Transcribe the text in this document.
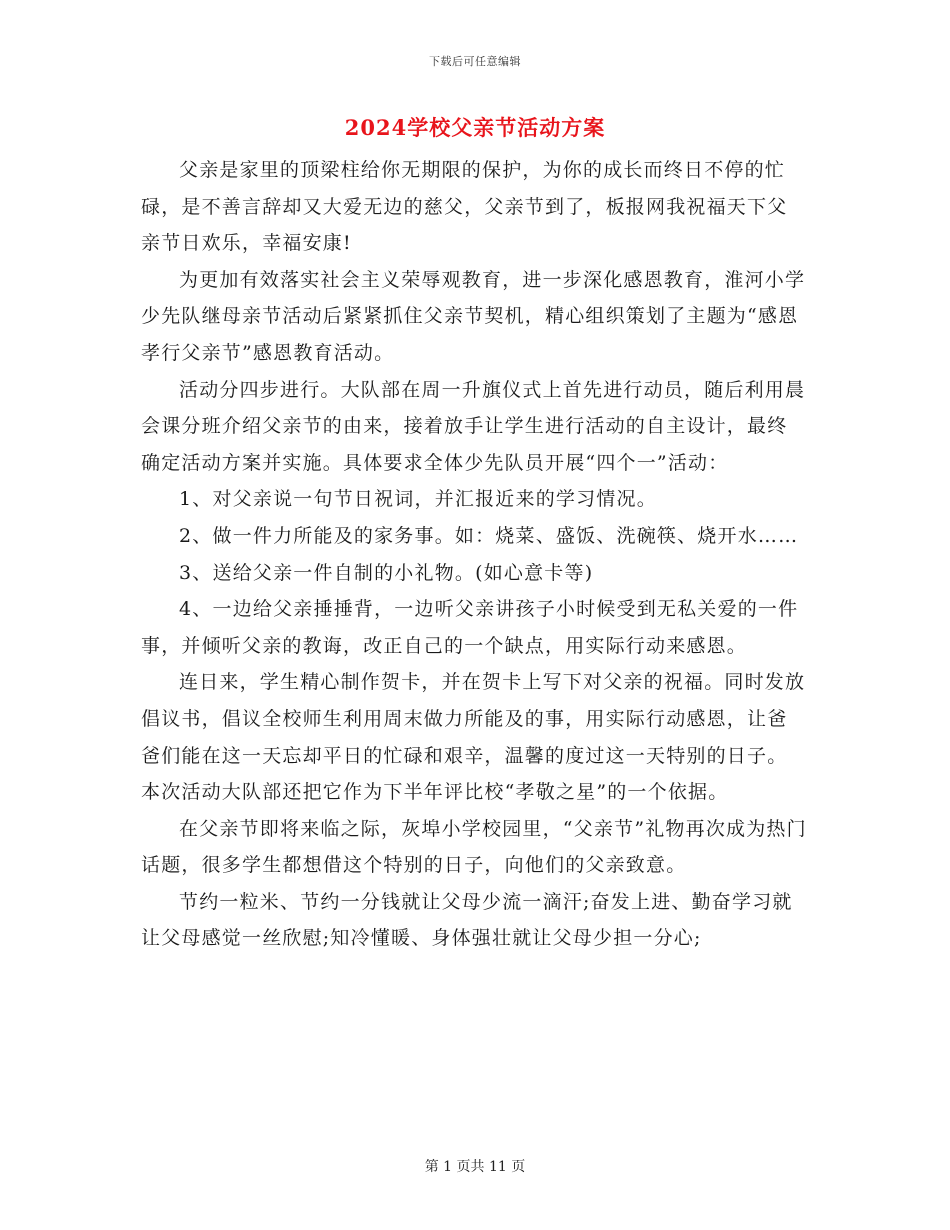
下载后可任意编辑
2024学校父亲节活动方案

父亲是家里的顶梁柱给你无期限的保护，为你的成长而终日不停的忙碌，是不善言辞却又大爱无边的慈父，父亲节到了，板报网我祝福天下父亲节日欢乐，幸福安康!

为更加有效落实社会主义荣辱观教育，进一步深化感恩教育，淮河小学少先队继母亲节活动后紧紧抓住父亲节契机，精心组织策划了主题为“感恩孝行父亲节”感恩教育活动。

活动分四步进行。大队部在周一升旗仪式上首先进行动员，随后利用晨会课分班介绍父亲节的由来，接着放手让学生进行活动的自主设计，最终确定活动方案并实施。具体要求全体少先队员开展“四个一”活动：

1、对父亲说一句节日祝词，并汇报近来的学习情况。

2、做一件力所能及的家务事。如：烧菜、盛饭、洗碗筷、烧开水……

3、送给父亲一件自制的小礼物。(如心意卡等)

4、一边给父亲捶捶背，一边听父亲讲孩子小时候受到无私关爱的一件事，并倾听父亲的教诲，改正自己的一个缺点，用实际行动来感恩。

连日来，学生精心制作贺卡，并在贺卡上写下对父亲的祝福。同时发放倡议书，倡议全校师生利用周末做力所能及的事，用实际行动感恩，让爸爸们能在这一天忘却平日的忙碌和艰辛，温馨的度过这一天特别的日子。本次活动大队部还把它作为下半年评比校“孝敬之星”的一个依据。

在父亲节即将来临之际，灰埠小学校园里，“父亲节”礼物再次成为热门话题，很多学生都想借这个特别的日子，向他们的父亲致意。

节约一粒米、节约一分钱就让父母少流一滴汗;奋发上进、勤奋学习就让父母感觉一丝欣慰;知冷懂暖、身体强壮就让父母少担一分心;

第 1 页共 11 页
